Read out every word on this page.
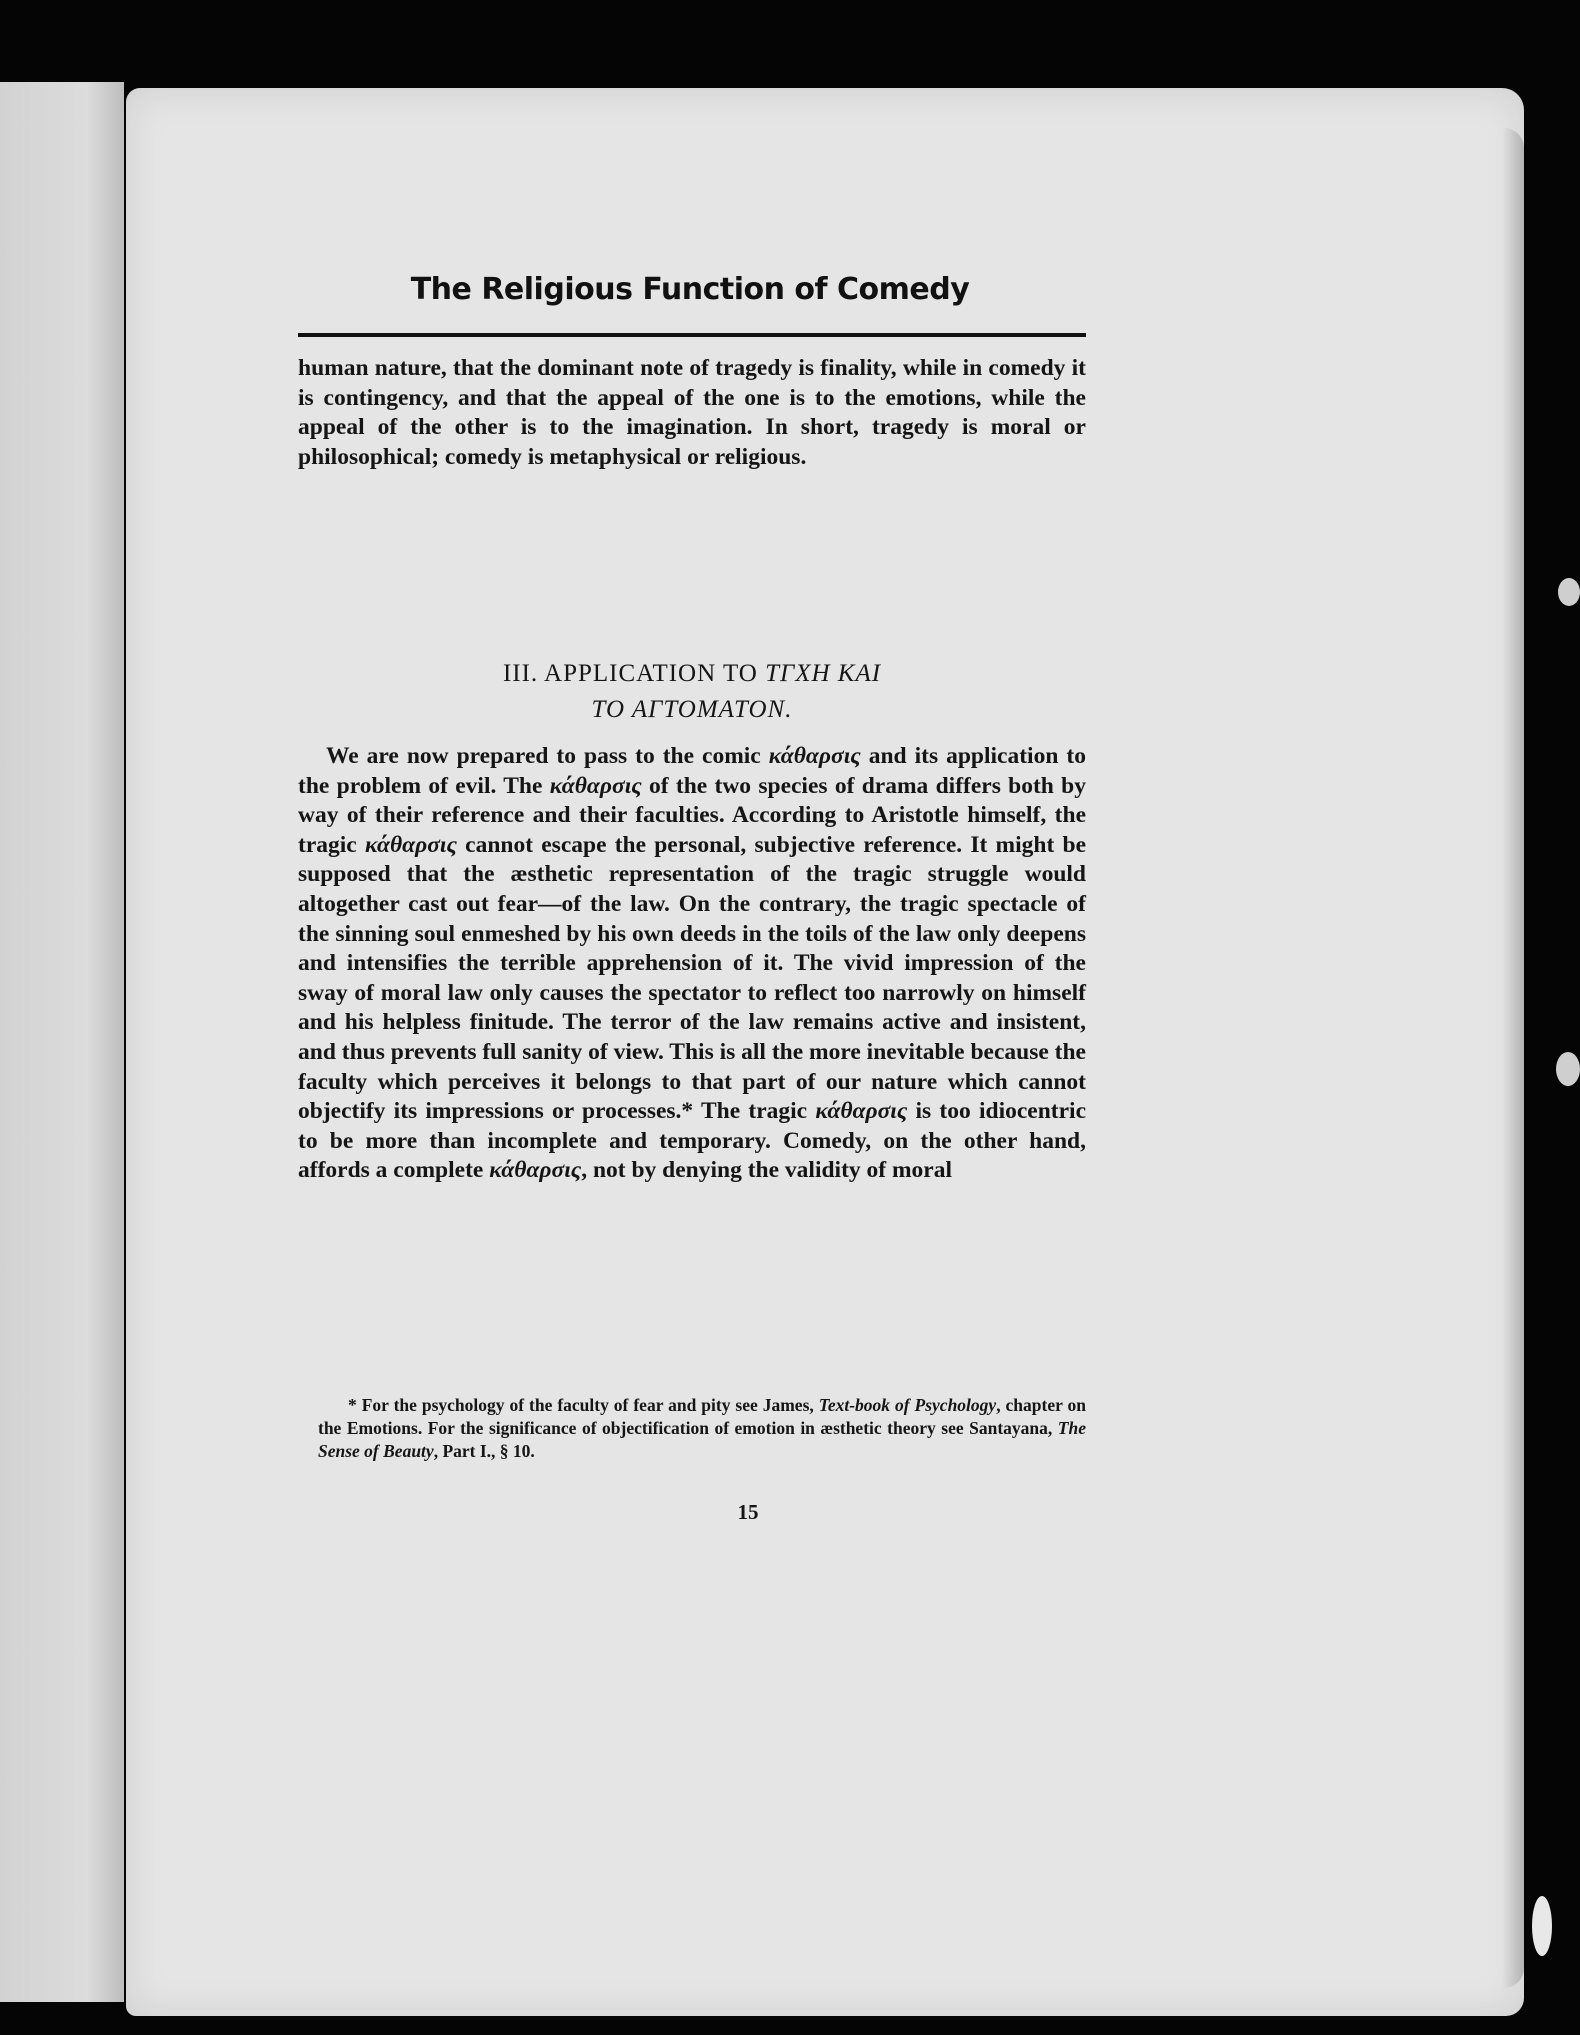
The Religious Function of Comedy

human nature, that the dominant note of tragedy is finality, while in comedy it is contingency, and that the appeal of the one is to the emotions, while the appeal of the other is to the imagination. In short, tragedy is moral or philosophical; comedy is metaphysical or religious.

III. APPLICATION TO TΓXH KAI
TO AΓTOMATON.

We are now prepared to pass to the comic κάθαρσις and its application to the problem of evil. The κάθαρσις of the two species of drama differs both by way of their reference and their faculties. According to Aristotle himself, the tragic κάθαρσις cannot escape the personal, subjective reference. It might be supposed that the æsthetic representation of the tragic struggle would altogether cast out fear—of the law. On the contrary, the tragic spectacle of the sinning soul enmeshed by his own deeds in the toils of the law only deepens and intensifies the terrible apprehension of it. The vivid impression of the sway of moral law only causes the spectator to reflect too narrowly on himself and his helpless finitude. The terror of the law remains active and insistent, and thus prevents full sanity of view. This is all the more inevitable because the faculty which perceives it belongs to that part of our nature which cannot objectify its impressions or processes.* The tragic κάθαρσις is too idiocentric to be more than incomplete and temporary. Comedy, on the other hand, affords a complete κάθαρσις, not by denying the validity of moral

* For the psychology of the faculty of fear and pity see James, Text-book of Psychology, chapter on the Emotions. For the significance of objectification of emotion in æsthetic theory see Santayana, The Sense of Beauty, Part I., § 10.

15
